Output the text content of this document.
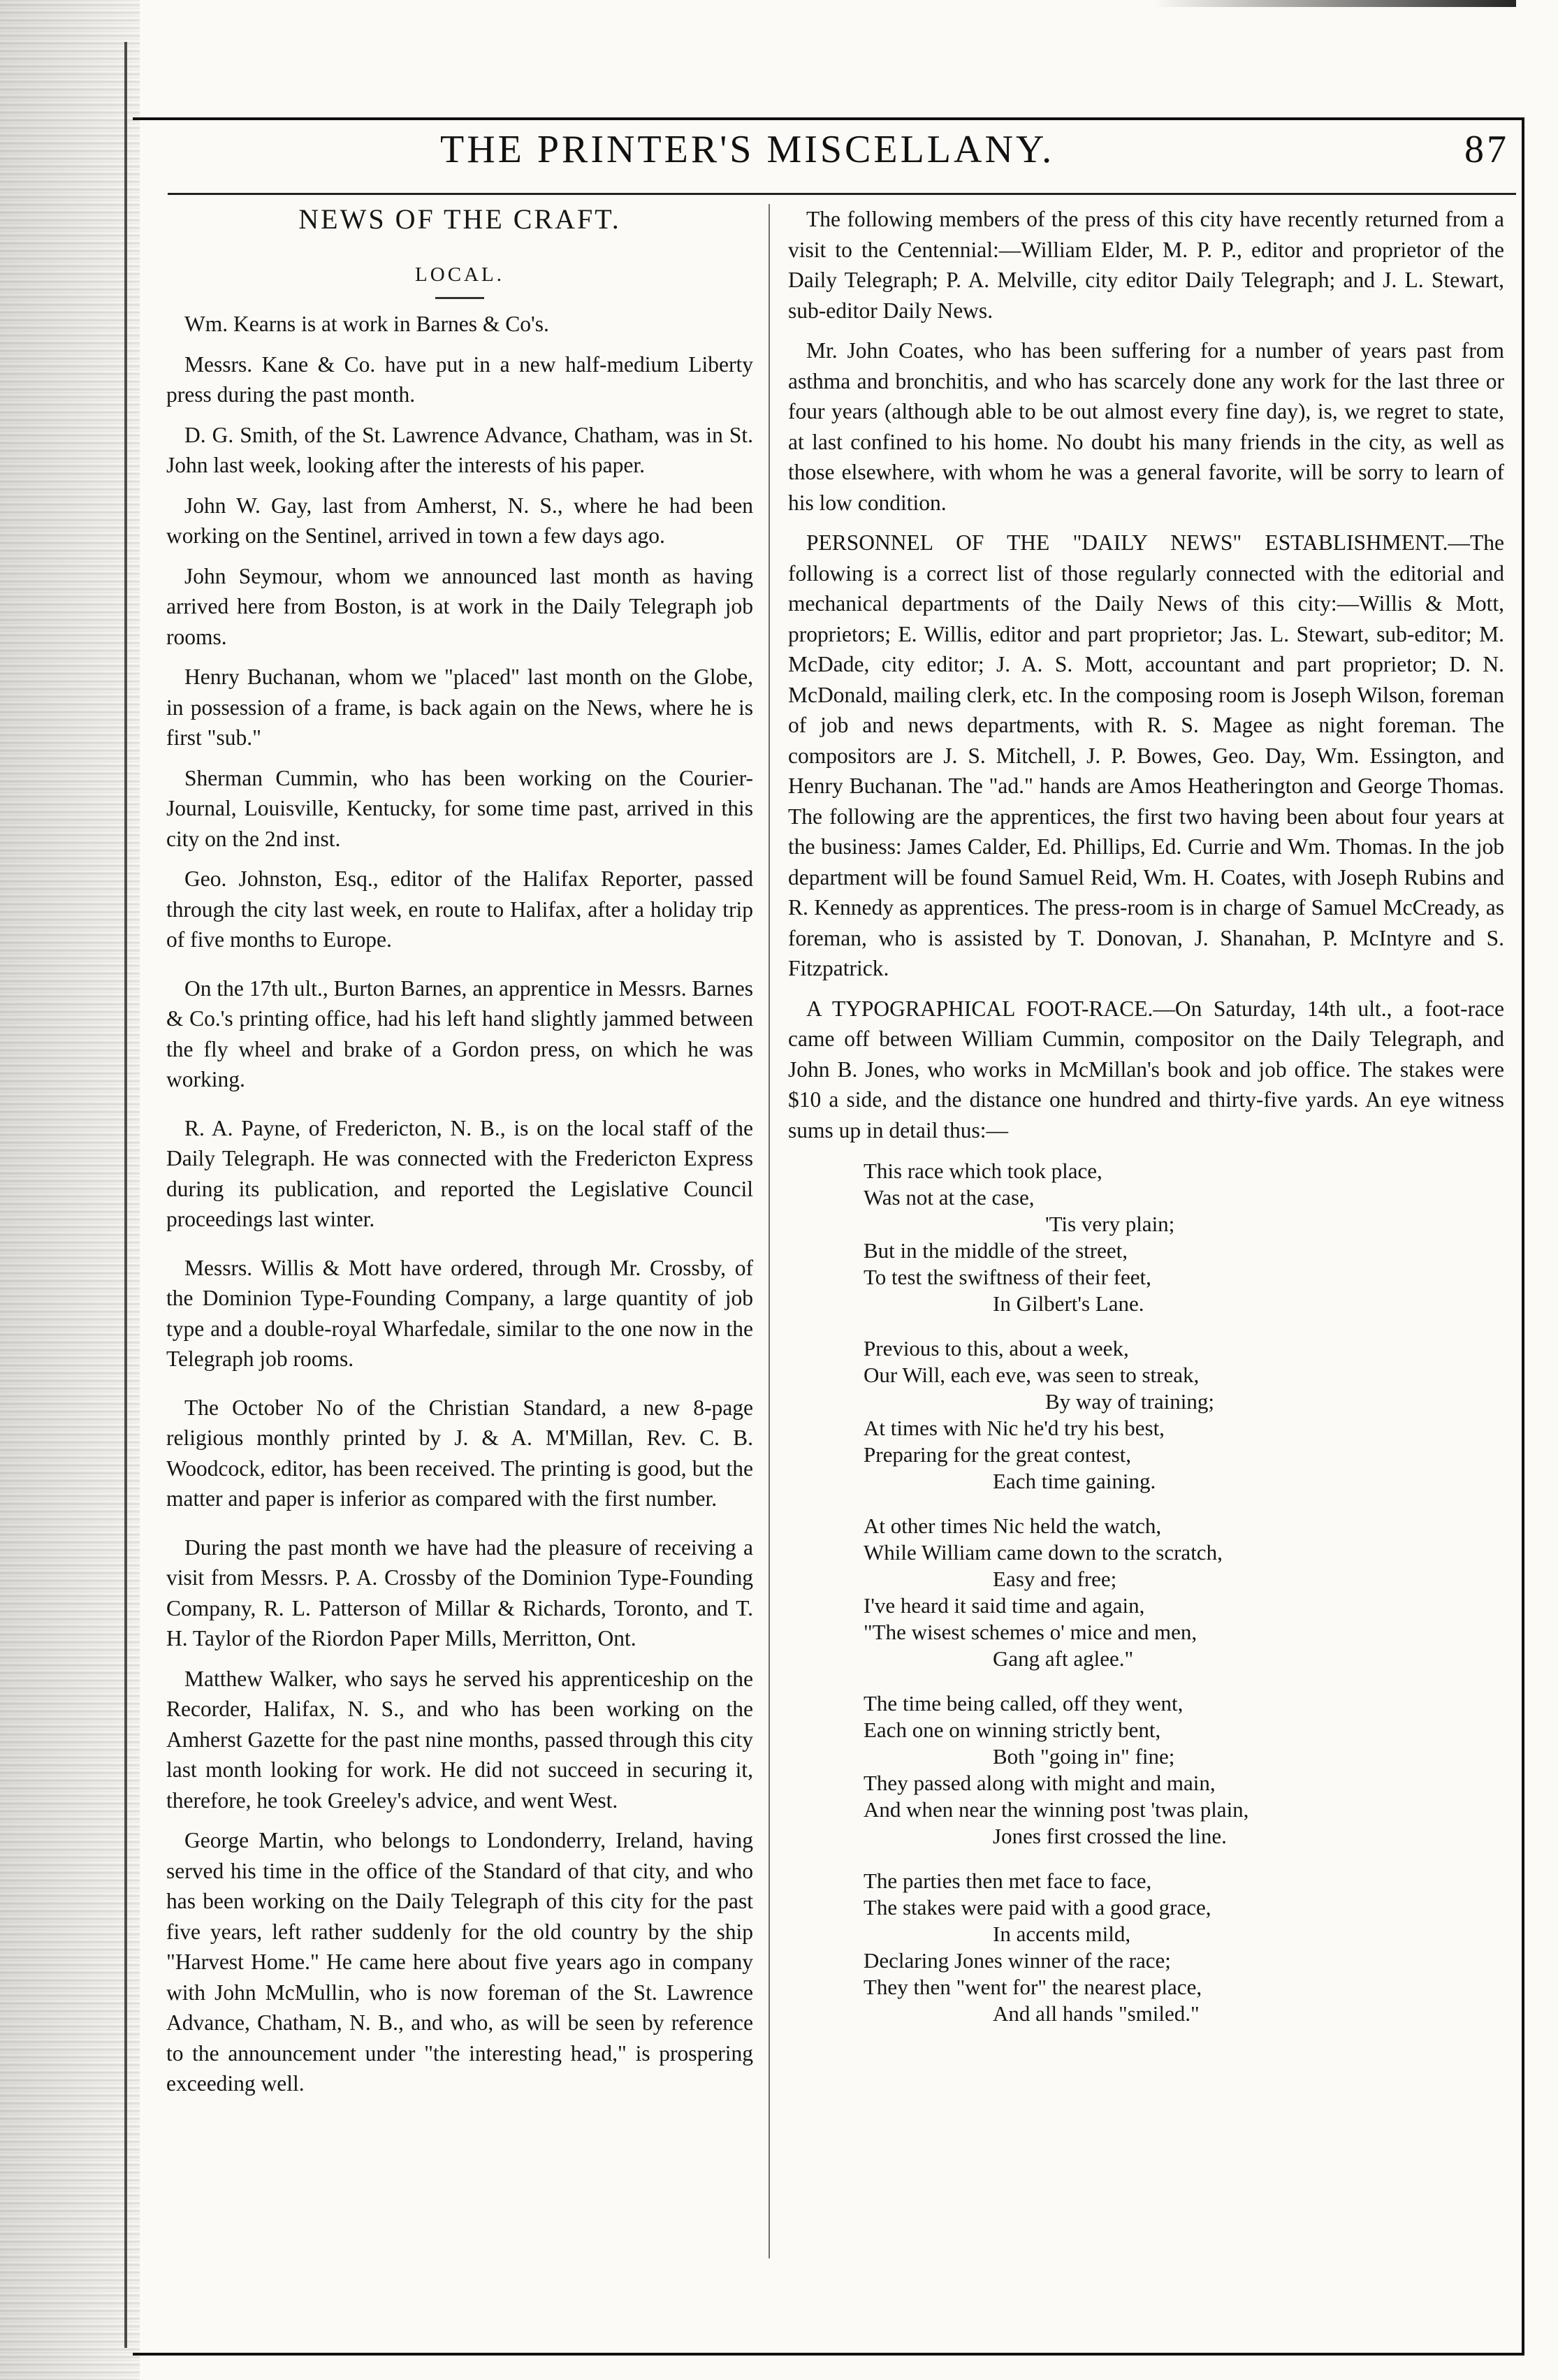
THE PRINTER'S MISCELLANY.	87
NEWS OF THE CRAFT.
LOCAL.

Wm. Kearns is at work in Barnes & Co's.

Messrs. Kane & Co. have put in a new half-medium Liberty press during the past month.

D. G. Smith, of the St. Lawrence Advance, Chatham, was in St. John last week, looking after the interests of his paper.

John W. Gay, last from Amherst, N. S., where he had been working on the Sentinel, arrived in town a few days ago.

John Seymour, whom we announced last month as having arrived here from Boston, is at work in the Daily Telegraph job rooms.

Henry Buchanan, whom we "placed" last month on the Globe, in possession of a frame, is back again on the News, where he is first "sub."

Sherman Cummin, who has been working on the Courier-Journal, Louisville, Kentucky, for some time past, arrived in this city on the 2nd inst.

Geo. Johnston, Esq., editor of the Halifax Reporter, passed through the city last week, en route to Halifax, after a holiday trip of five months to Europe.

On the 17th ult., Burton Barnes, an apprentice in Messrs. Barnes & Co.'s printing office, had his left hand slightly jammed between the fly wheel and brake of a Gordon press, on which he was working.

R. A. Payne, of Fredericton, N. B., is on the local staff of the Daily Telegraph. He was connected with the Fredericton Express during its publication, and reported the Legislative Council proceedings last winter.

Messrs. Willis & Mott have ordered, through Mr. Crossby, of the Dominion Type-Founding Company, a large quantity of job type and a double-royal Wharfedale, similar to the one now in the Telegraph job rooms.

The October No of the Christian Standard, a new 8-page religious monthly printed by J. & A. M'Millan, Rev. C. B. Woodcock, editor, has been received. The printing is good, but the matter and paper is inferior as compared with the first number.

During the past month we have had the pleasure of receiving a visit from Messrs. P. A. Crossby of the Dominion Type-Founding Company, R. L. Patterson of Millar & Richards, Toronto, and T. H. Taylor of the Riordon Paper Mills, Merritton, Ont.

Matthew Walker, who says he served his apprenticeship on the Recorder, Halifax, N. S., and who has been working on the Amherst Gazette for the past nine months, passed through this city last month looking for work. He did not succeed in securing it, therefore, he took Greeley's advice, and went West.

George Martin, who belongs to Londonderry, Ireland, having served his time in the office of the Standard of that city, and who has been working on the Daily Telegraph of this city for the past five years, left rather suddenly for the old country by the ship "Harvest Home." He came here about five years ago in company with John McMullin, who is now foreman of the St. Lawrence Advance, Chatham, N. B., and who, as will be seen by reference to the announcement under "the interesting head," is prospering exceeding well.

The following members of the press of this city have recently returned from a visit to the Centennial:—William Elder, M. P. P., editor and proprietor of the Daily Telegraph; P. A. Melville, city editor Daily Telegraph; and J. L. Stewart, sub-editor Daily News.

Mr. John Coates, who has been suffering for a number of years past from asthma and bronchitis, and who has scarcely done any work for the last three or four years (although able to be out almost every fine day), is, we regret to state, at last confined to his home. No doubt his many friends in the city, as well as those elsewhere, with whom he was a general favorite, will be sorry to learn of his low condition.

PERSONNEL OF THE "DAILY NEWS" ESTABLISHMENT.—The following is a correct list of those regularly connected with the editorial and mechanical departments of the Daily News of this city:—Willis & Mott, proprietors; E. Willis, editor and part proprietor; Jas. L. Stewart, sub-editor; M. McDade, city editor; J. A. S. Mott, accountant and part proprietor; D. N. McDonald, mailing clerk, etc. In the composing room is Joseph Wilson, foreman of job and news departments, with R. S. Magee as night foreman. The compositors are J. S. Mitchell, J. P. Bowes, Geo. Day, Wm. Essington, and Henry Buchanan. The "ad." hands are Amos Heatherington and George Thomas. The following are the apprentices, the first two having been about four years at the business: James Calder, Ed. Phillips, Ed. Currie and Wm. Thomas. In the job department will be found Samuel Reid, Wm. H. Coates, with Joseph Rubins and R. Kennedy as apprentices. The press-room is in charge of Samuel McCready, as foreman, who is assisted by T. Donovan, J. Shanahan, P. McIntyre and S. Fitzpatrick.

A TYPOGRAPHICAL FOOT-RACE.—On Saturday, 14th ult., a foot-race came off between William Cummin, compositor on the Daily Telegraph, and John B. Jones, who works in McMillan's book and job office. The stakes were $10 a side, and the distance one hundred and thirty-five yards. An eye witness sums up in detail thus:—

This race which took place,
Was not at the case,
'Tis very plain;
But in the middle of the street,
To test the swiftness of their feet,
In Gilbert's Lane.
Previous to this, about a week,
Our Will, each eve, was seen to streak,
By way of training;
At times with Nic he'd try his best,
Preparing for the great contest,
Each time gaining.
At other times Nic held the watch,
While William came down to the scratch,
Easy and free;
I've heard it said time and again,
"The wisest schemes o' mice and men,
Gang aft aglee."
The time being called, off they went,
Each one on winning strictly bent,
Both "going in" fine;
They passed along with might and main,
And when near the winning post 'twas plain,
Jones first crossed the line.
The parties then met face to face,
The stakes were paid with a good grace,
In accents mild,
Declaring Jones winner of the race;
They then "went for" the nearest place,
And all hands "smiled."
